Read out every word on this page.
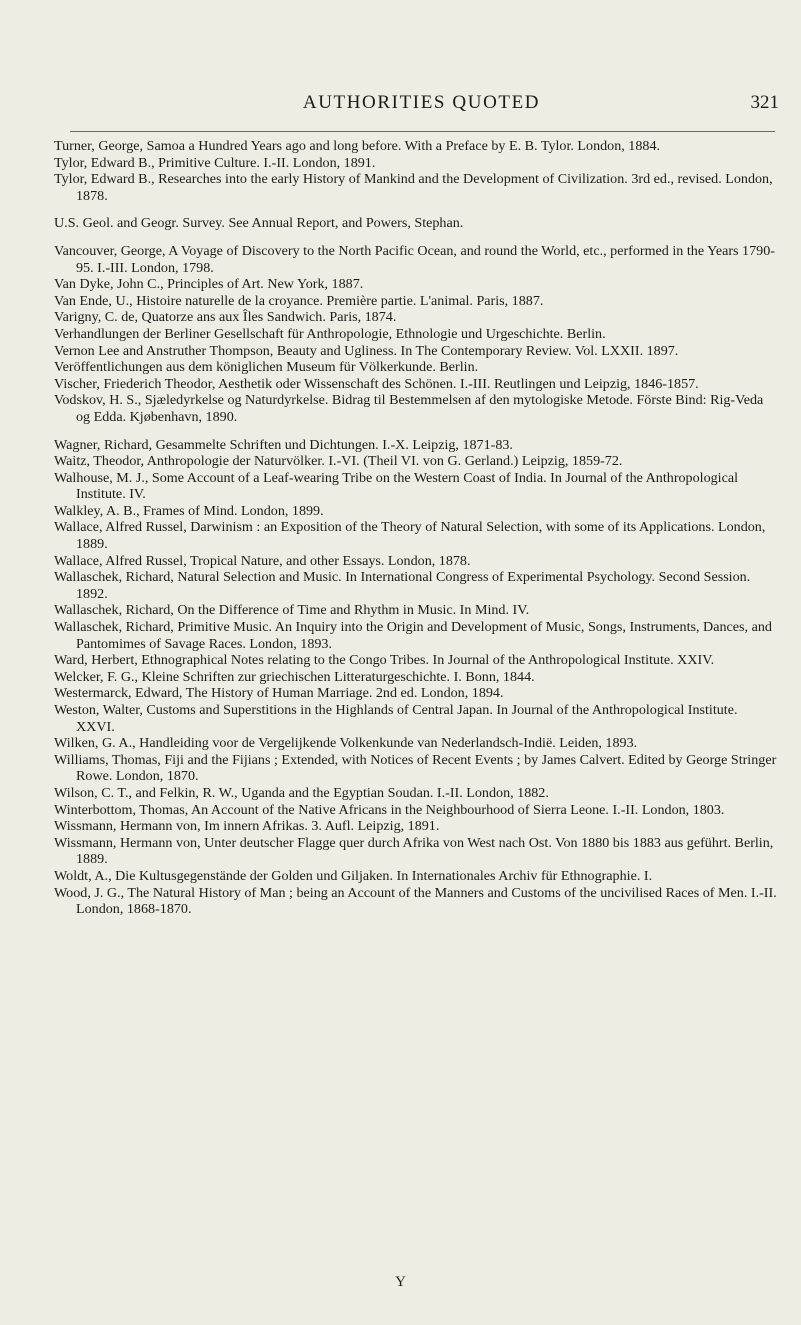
AUTHORITIES QUOTED	321

Turner, George, Samoa a Hundred Years ago and long before. With a Preface by E. B. Tylor. London, 1884.

Tylor, Edward B., Primitive Culture. I.-II. London, 1891.

Tylor, Edward B., Researches into the early History of Mankind and the Development of Civilization. 3rd ed., revised. London, 1878.

U.S. Geol. and Geogr. Survey. See Annual Report, and Powers, Stephan.

Vancouver, George, A Voyage of Discovery to the North Pacific Ocean, and round the World, etc., performed in the Years 1790-95. I.-III. London, 1798.

Van Dyke, John C., Principles of Art. New York, 1887.

Van Ende, U., Histoire naturelle de la croyance. Première partie. L'animal. Paris, 1887.

Varigny, C. de, Quatorze ans aux Îles Sandwich. Paris, 1874.

Verhandlungen der Berliner Gesellschaft für Anthropologie, Ethnologie und Urgeschichte. Berlin.

Vernon Lee and Anstruther Thompson, Beauty and Ugliness. In The Contemporary Review. Vol. LXXII. 1897.

Veröffentlichungen aus dem königlichen Museum für Völkerkunde. Berlin.

Vischer, Friederich Theodor, Aesthetik oder Wissenschaft des Schönen. I.-III. Reutlingen und Leipzig, 1846-1857.

Vodskov, H. S., Sjæledyrkelse og Naturdyrkelse. Bidrag til Bestemmelsen af den mytologiske Metode. Förste Bind: Rig-Veda og Edda. Kjøbenhavn, 1890.

Wagner, Richard, Gesammelte Schriften und Dichtungen. I.-X. Leipzig, 1871-83.

Waitz, Theodor, Anthropologie der Naturvölker. I.-VI. (Theil VI. von G. Gerland.) Leipzig, 1859-72.

Walhouse, M. J., Some Account of a Leaf-wearing Tribe on the Western Coast of India. In Journal of the Anthropological Institute. IV.

Walkley, A. B., Frames of Mind. London, 1899.

Wallace, Alfred Russel, Darwinism : an Exposition of the Theory of Natural Selection, with some of its Applications. London, 1889.

Wallace, Alfred Russel, Tropical Nature, and other Essays. London, 1878.

Wallaschek, Richard, Natural Selection and Music. In International Congress of Experimental Psychology. Second Session. 1892.

Wallaschek, Richard, On the Difference of Time and Rhythm in Music. In Mind. IV.

Wallaschek, Richard, Primitive Music. An Inquiry into the Origin and Development of Music, Songs, Instruments, Dances, and Pantomimes of Savage Races. London, 1893.

Ward, Herbert, Ethnographical Notes relating to the Congo Tribes. In Journal of the Anthropological Institute. XXIV.

Welcker, F. G., Kleine Schriften zur griechischen Litteraturgeschichte. I. Bonn, 1844.

Westermarck, Edward, The History of Human Marriage. 2nd ed. London, 1894.

Weston, Walter, Customs and Superstitions in the Highlands of Central Japan. In Journal of the Anthropological Institute. XXVI.

Wilken, G. A., Handleiding voor de Vergelijkende Volkenkunde van Nederlandsch-Indië. Leiden, 1893.

Williams, Thomas, Fiji and the Fijians ; Extended, with Notices of Recent Events ; by James Calvert. Edited by George Stringer Rowe. London, 1870.

Wilson, C. T., and Felkin, R. W., Uganda and the Egyptian Soudan. I.-II. London, 1882.

Winterbottom, Thomas, An Account of the Native Africans in the Neighbourhood of Sierra Leone. I.-II. London, 1803.

Wissmann, Hermann von, Im innern Afrikas. 3. Aufl. Leipzig, 1891.

Wissmann, Hermann von, Unter deutscher Flagge quer durch Afrika von West nach Ost. Von 1880 bis 1883 aus geführt. Berlin, 1889.

Woldt, A., Die Kultusgegenstände der Golden und Giljaken. In Internationales Archiv für Ethnographie. I.

Wood, J. G., The Natural History of Man ; being an Account of the Manners and Customs of the uncivilised Races of Men. I.-II. London, 1868-1870.

Y
